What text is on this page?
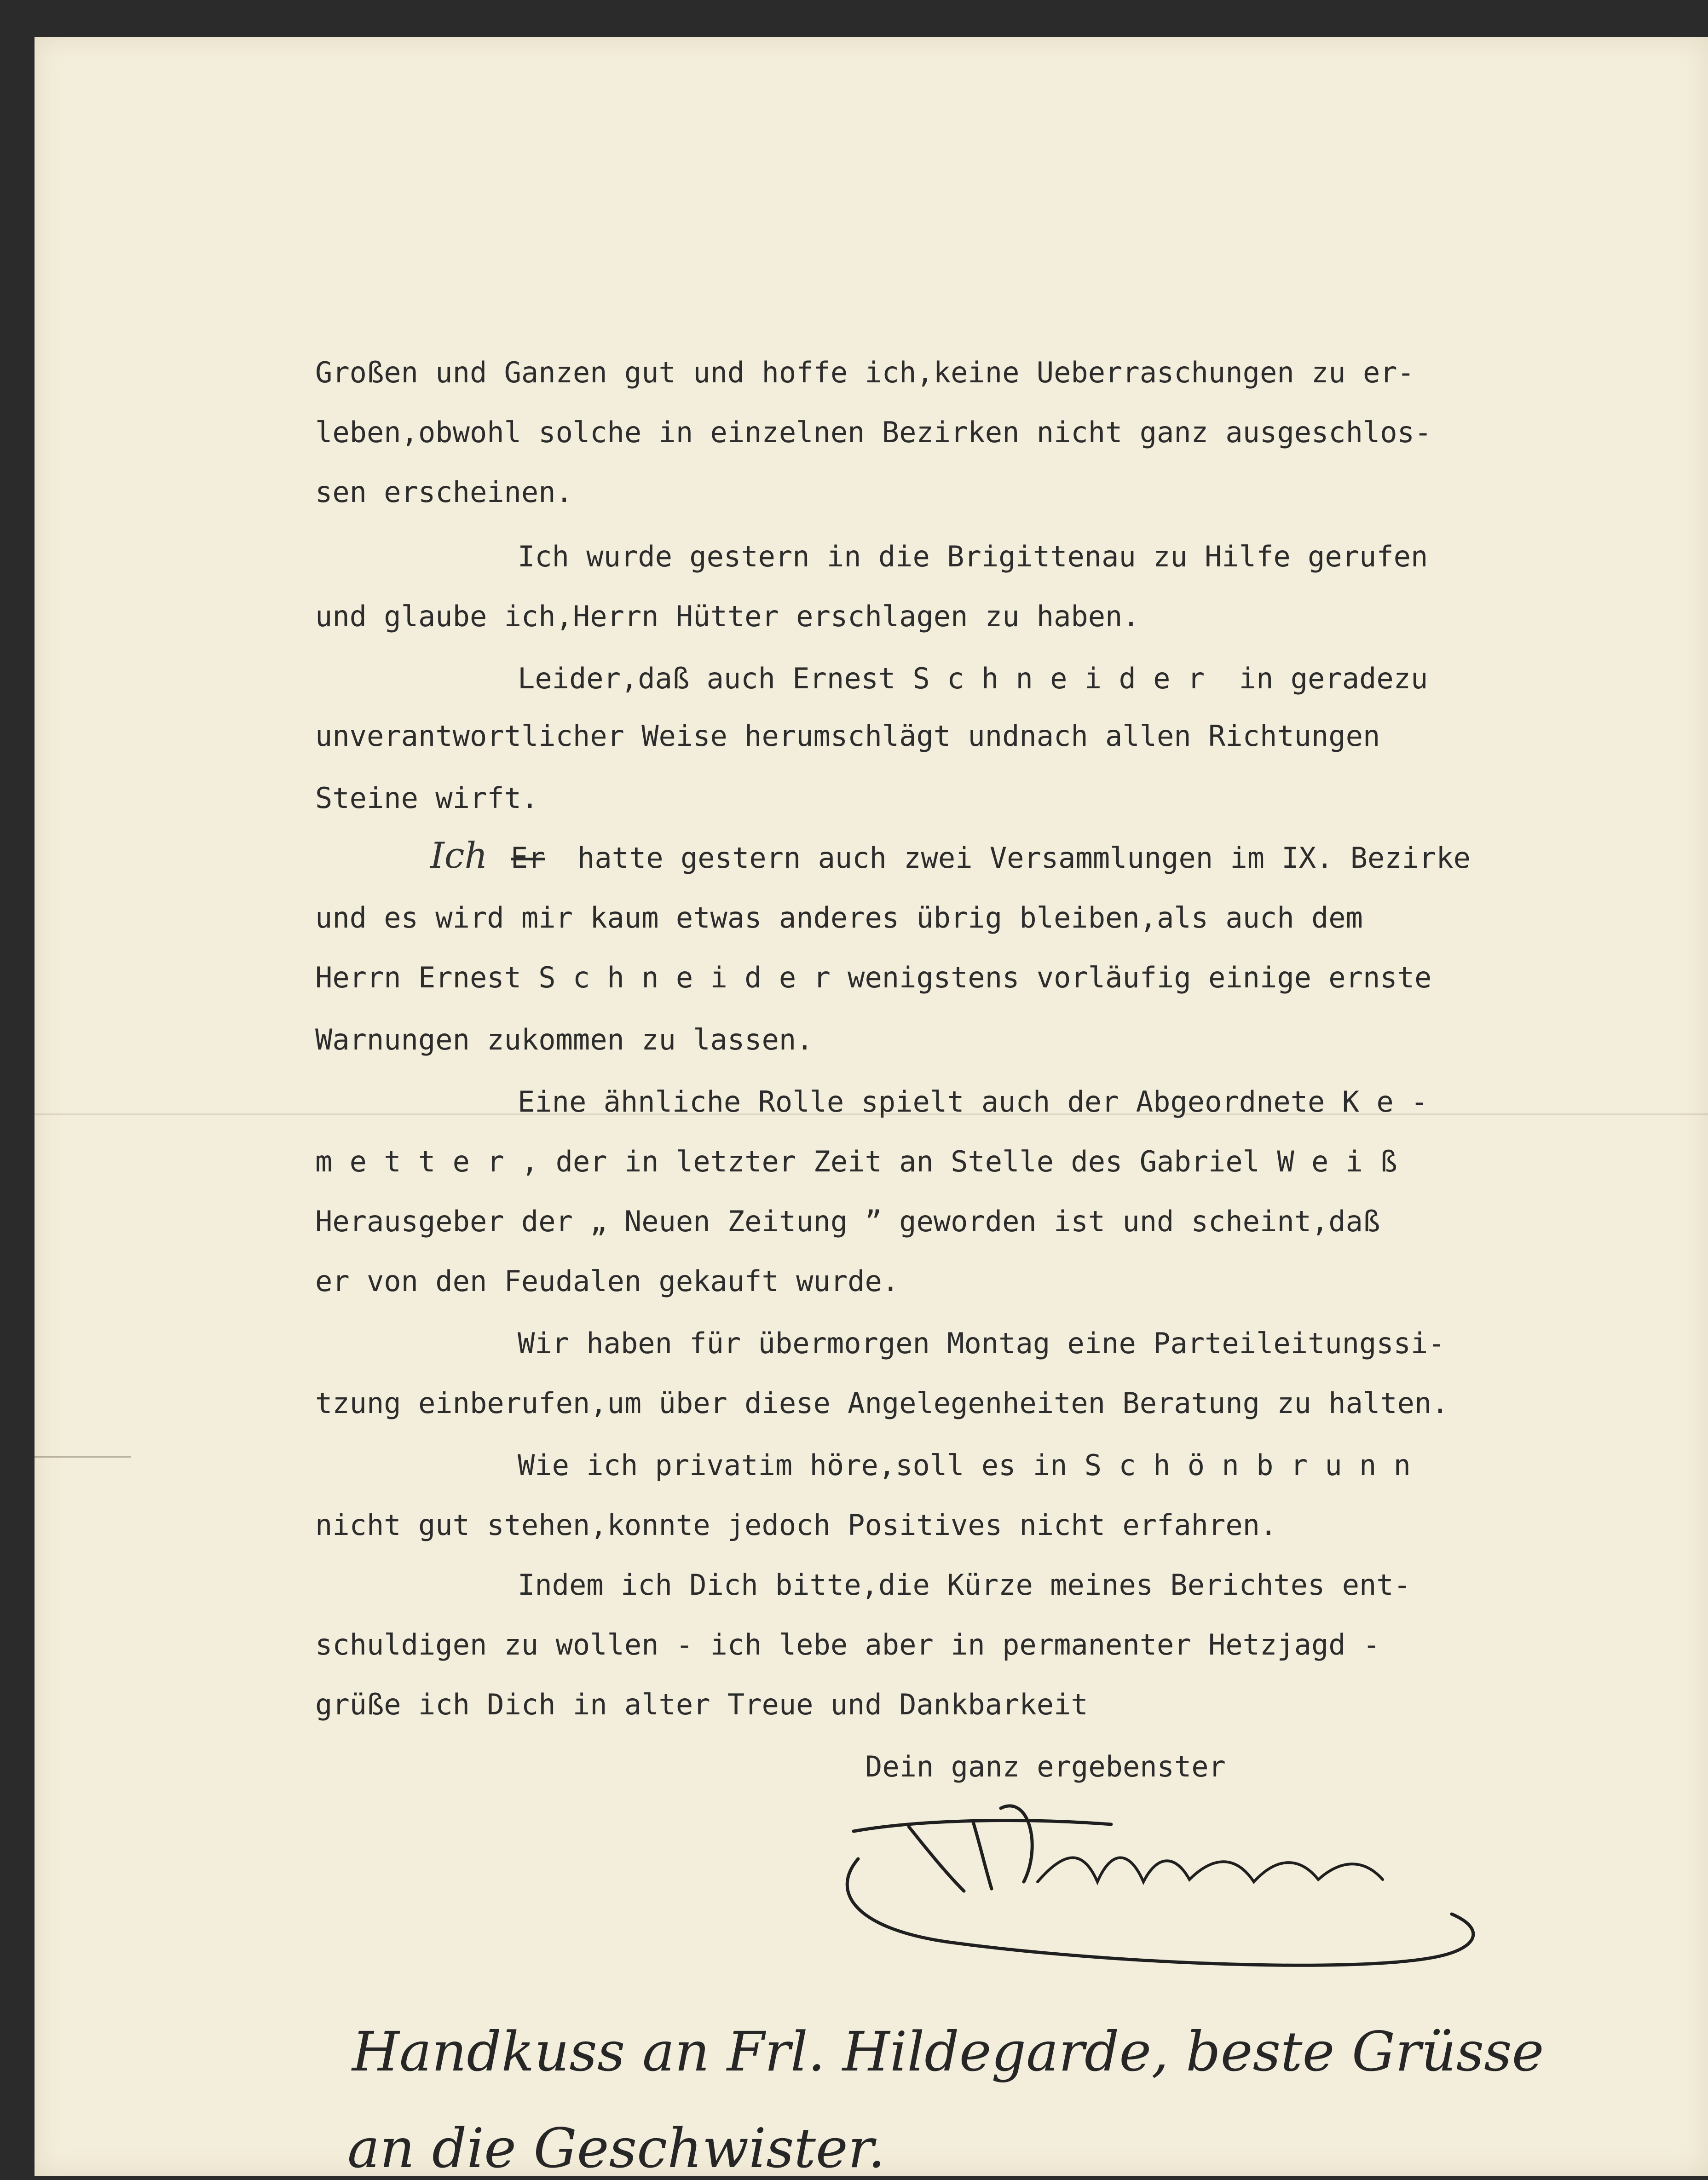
Großen und Ganzen gut und hoffe ich,keine Ueberraschungen zu er-
leben,obwohl solche in einzelnen Bezirken nicht ganz ausgeschlos-
sen erscheinen.
Ich wurde gestern in die Brigittenau zu Hilfe gerufen
und glaube ich,Herrn Hütter erschlagen zu haben.
Leider,daß auch Ernest S c h n e i d e r  in geradezu
unverantwortlicher Weise herumschlägt undnach allen Richtungen
Steine wirft.
Ich Er hatte gestern auch zwei Versammlungen im IX. Bezirke
und es wird mir kaum etwas anderes übrig bleiben,als auch dem
Herrn Ernest S c h n e i d e r wenigstens vorläufig einige ernste
Warnungen zukommen zu lassen.
Eine ähnliche Rolle spielt auch der Abgeordnete K e -
m e t t e r , der in letzter Zeit an Stelle des Gabriel W e i ß
Herausgeber der „ Neuen Zeitung ” geworden ist und scheint,daß
er von den Feudalen gekauft wurde.
Wir haben für übermorgen Montag eine Parteileitungssi-
tzung einberufen,um über diese Angelegenheiten Beratung zu halten.
Wie ich privatim höre,soll es in S c h ö n b r u n n
nicht gut stehen,konnte jedoch Positives nicht erfahren.
Indem ich Dich bitte,die Kürze meines Berichtes ent-
schuldigen zu wollen - ich lebe aber in permanenter Hetzjagd -
grüße ich Dich in alter Treue und Dankbarkeit
Dein ganz ergebenster
Handkuss an Frl. Hildegarde, beste Grüsse
an die Geschwister.
